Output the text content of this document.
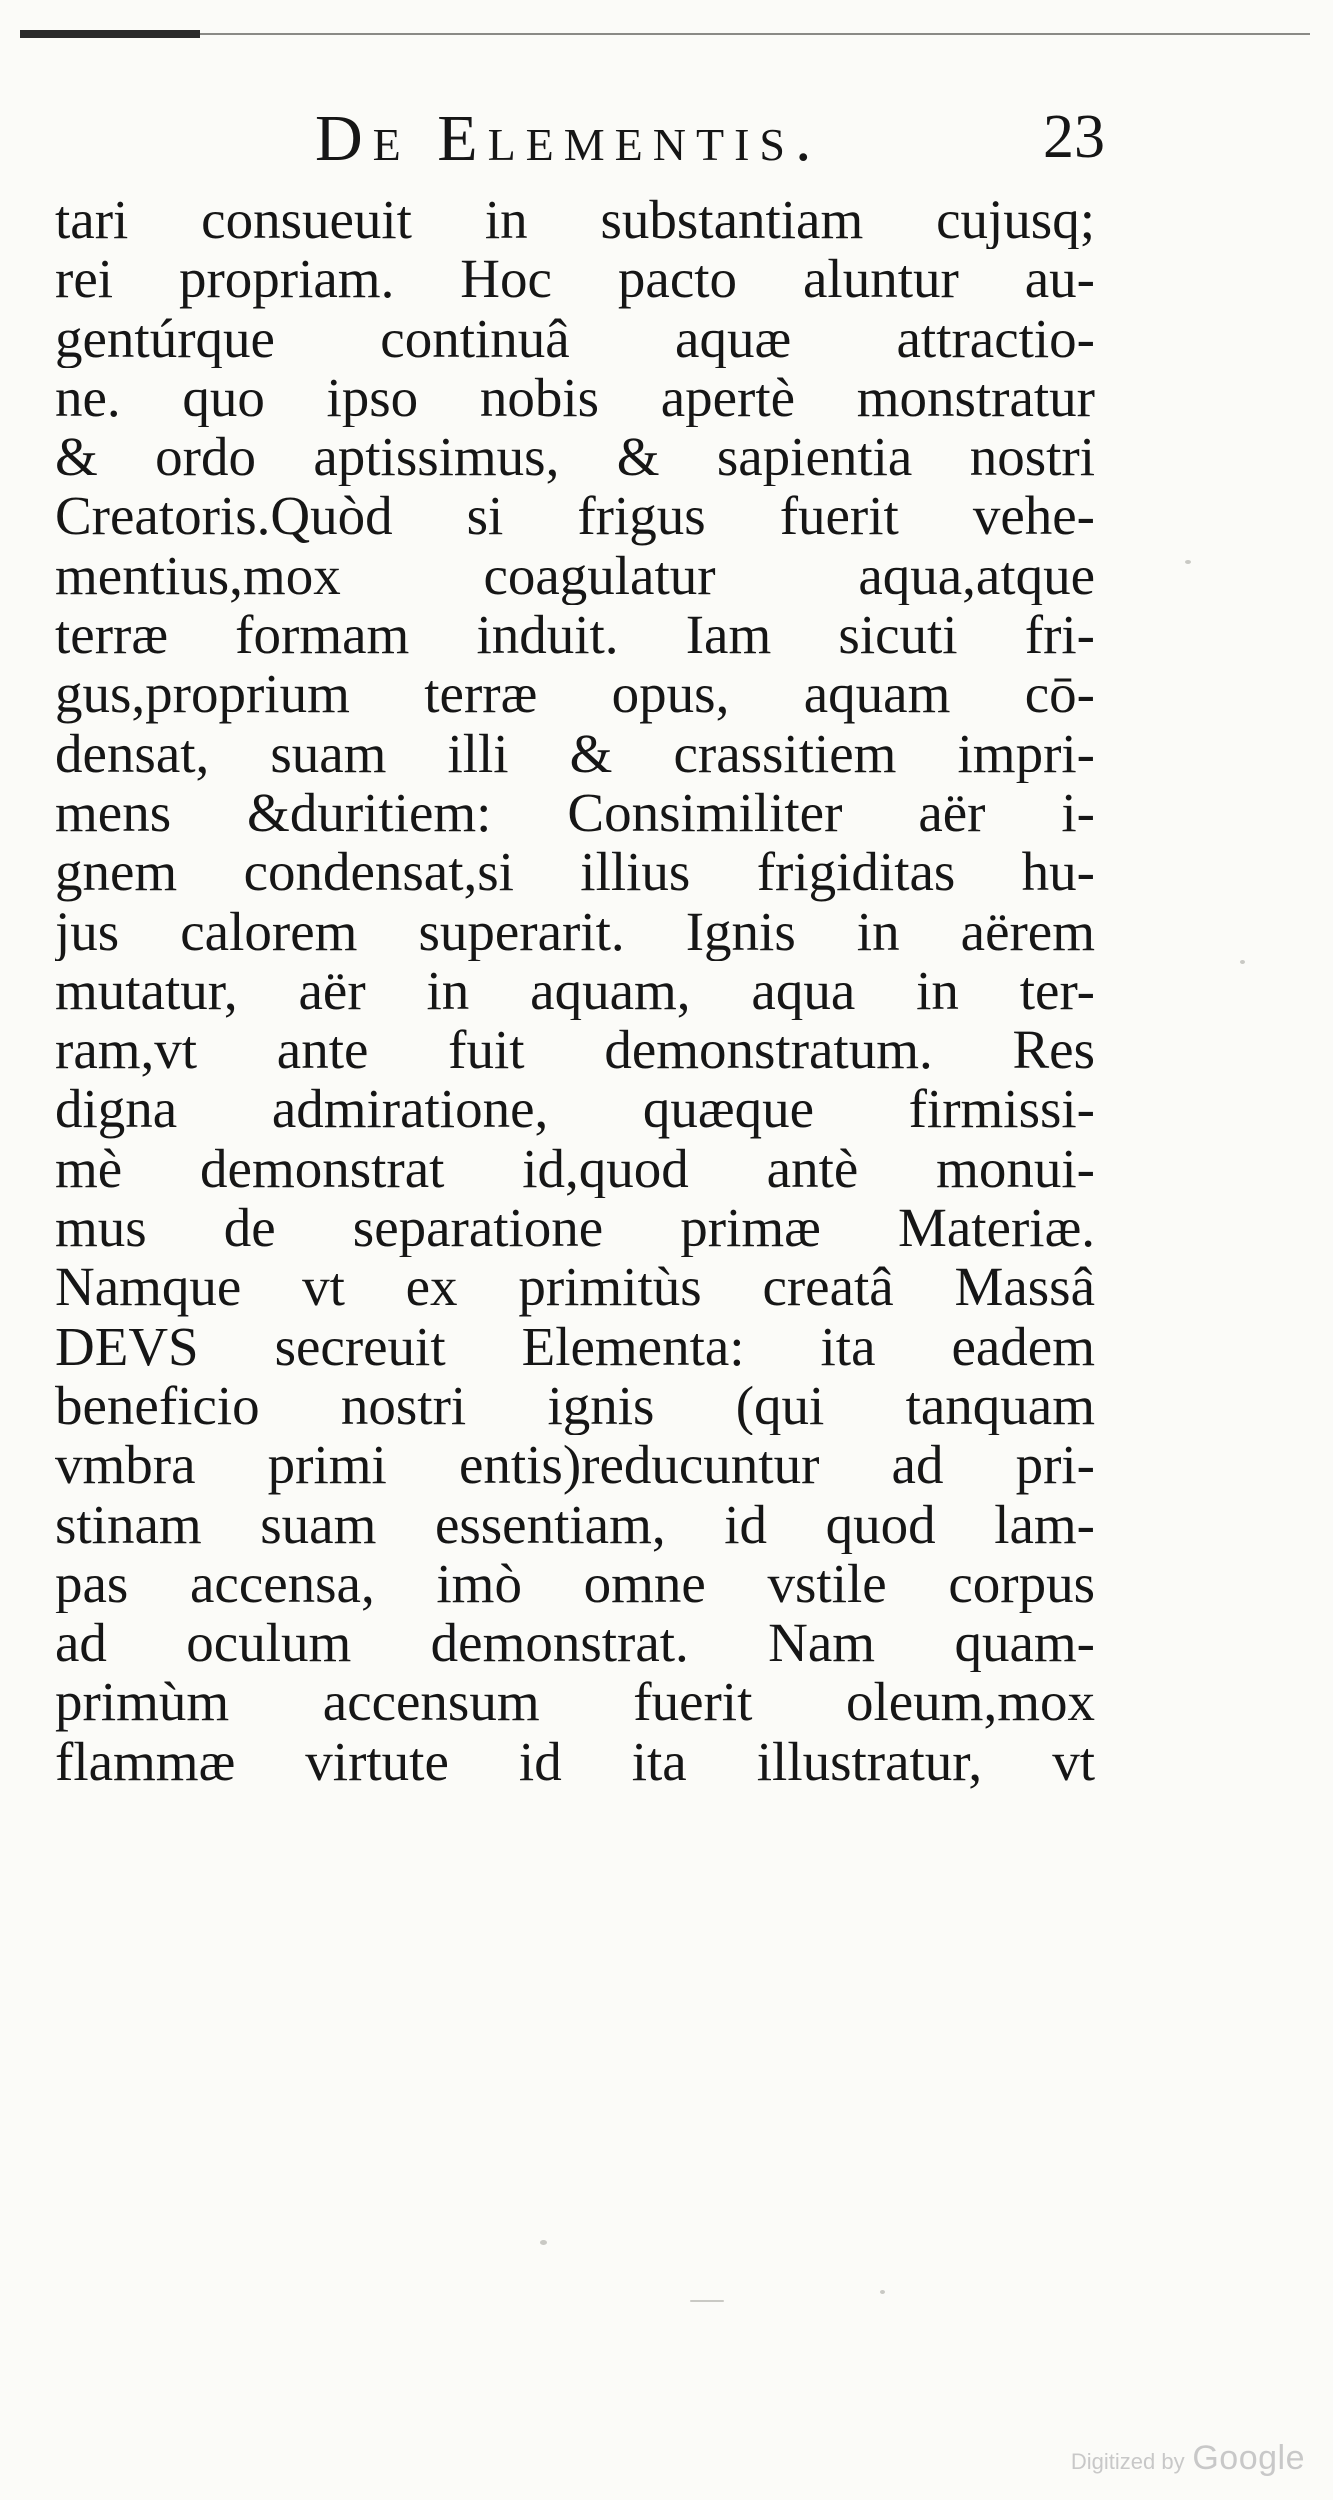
De Elementis.	23
tari consueuit in substantiam cujusq;
rei propriam. Hoc pacto aluntur au-
gentúrque continuâ aquæ attractio-
ne. quo ipso nobis apertè monstratur
& ordo aptissimus, & sapientia nostri
Creatoris.Quòd si frigus fuerit vehe-
mentius,mox coagulatur aqua,atque
terræ formam induit. Iam sicuti fri-
gus,proprium terræ opus, aquam cō-
densat, suam illi & crassitiem impri-
mens &duritiem: Consimiliter aër i-
gnem condensat,si illius frigiditas hu-
jus calorem superarit. Ignis in aërem
mutatur, aër in aquam, aqua in ter-
ram,vt ante fuit demonstratum. Res
digna admiratione, quæque firmissi-
mè demonstrat id,quod antè monui-
mus de separatione primæ Materiæ.
Namque vt ex primitùs creatâ Massâ
DEVS secreuit Elementa: ita eadem
beneficio nostri ignis (qui tanquam
vmbra primi entis)reducuntur ad pri-
stinam suam essentiam, id quod lam-
pas accensa, imò omne vstile corpus
ad oculum demonstrat. Nam quam-
primùm accensum fuerit oleum,mox
flammæ virtute id ita illustratur, vt
Digitized by Google
